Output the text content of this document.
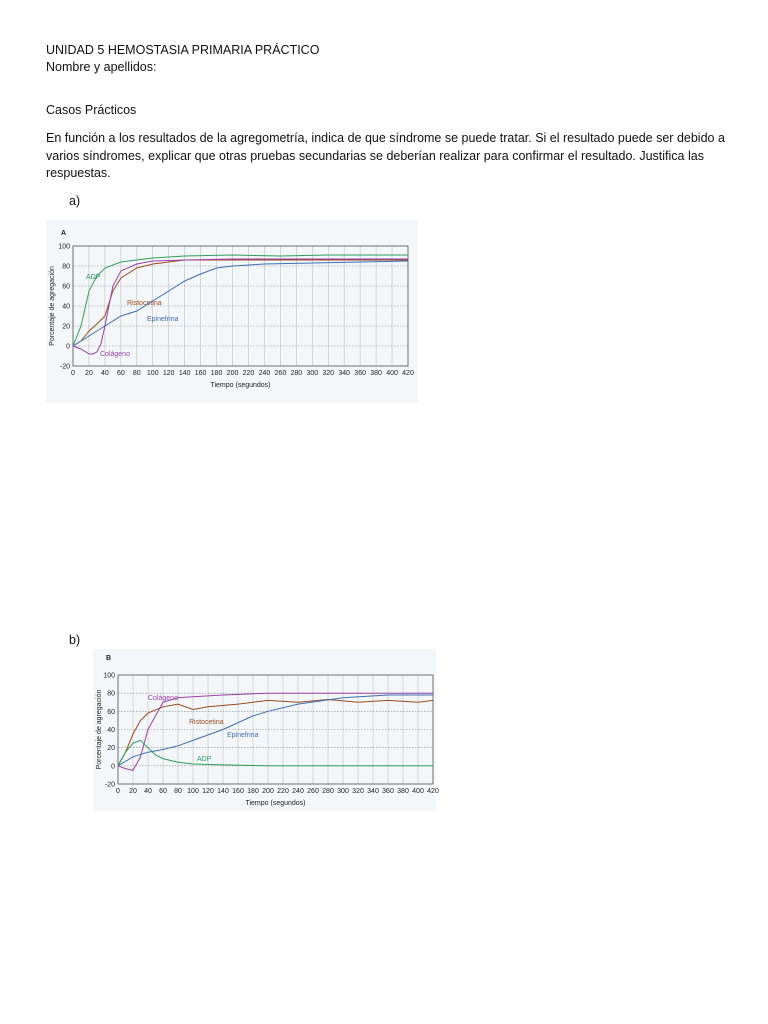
UNIDAD 5 HEMOSTASIA PRIMARIA PRÁCTICO
Nombre y apellidos:
Casos Prácticos
En función a los resultados de la agregometría, indica de que síndrome se puede tratar. Si el resultado puede ser debido a varios síndromes, explicar que otras pruebas secundarias se deberían realizar para confirmar el resultado. Justifica las respuestas.
a)
b)
A
0 20 40 60 80 100 120 140 160 180 200 220 240 260 280 300 320 340 360 380 400 420
-20
0
20
40
60
80
100
Tiempo (segundos)
Porcentaje de agregación	ADP
Ristocetina
Epinefrina
Colágeno
B
0 20 40 60 80 100 120 140 160 180 200 220 240 260 280 300 320 340 360 380 400 420
-20
0
20
40
60
80
100
Tiempo (segundos)
Porcentaje de agregación	Colágeno
Ristocetina
Epinefrina
ADP
